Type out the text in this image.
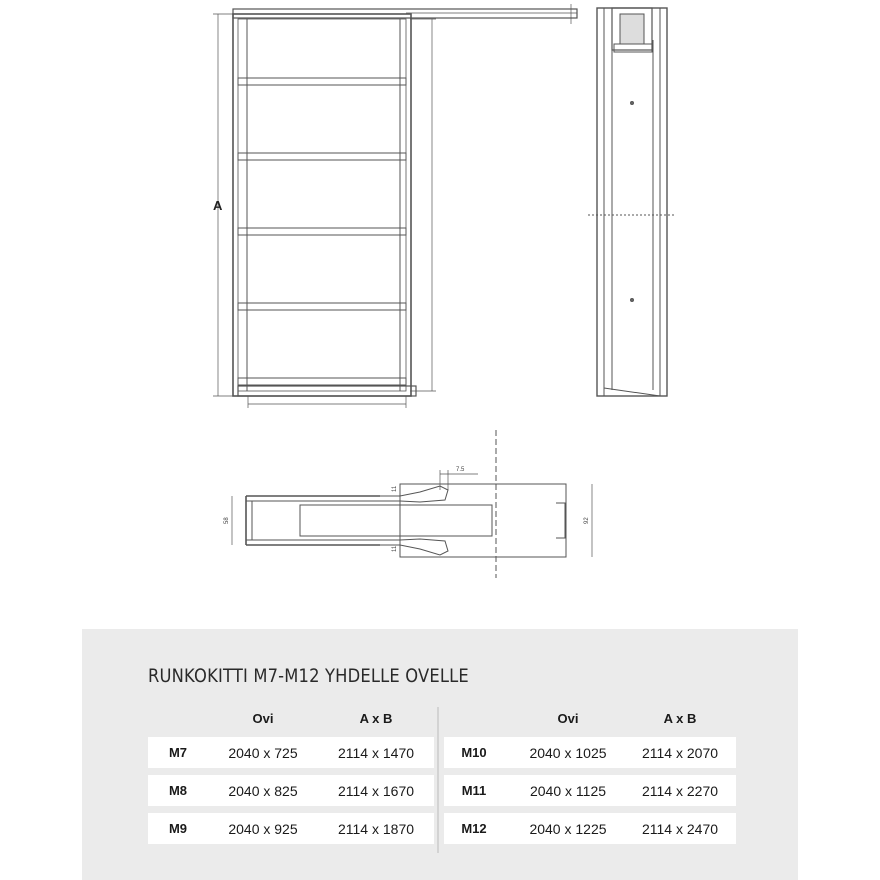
7.5
11
11
58	92
A
RUNKOKITTI M7-M12 YHDELLE OVELLE
Ovi	A x B
M7	2040 x 725	2114 x 1470
M8	2040 x 825	2114 x 1670
M9	2040 x 925	2114 x 1870
Ovi	A x B
M10	2040 x 1025	2114 x 2070
M11	2040 x 1125	2114 x 2270
M12	2040 x 1225	2114 x 2470
